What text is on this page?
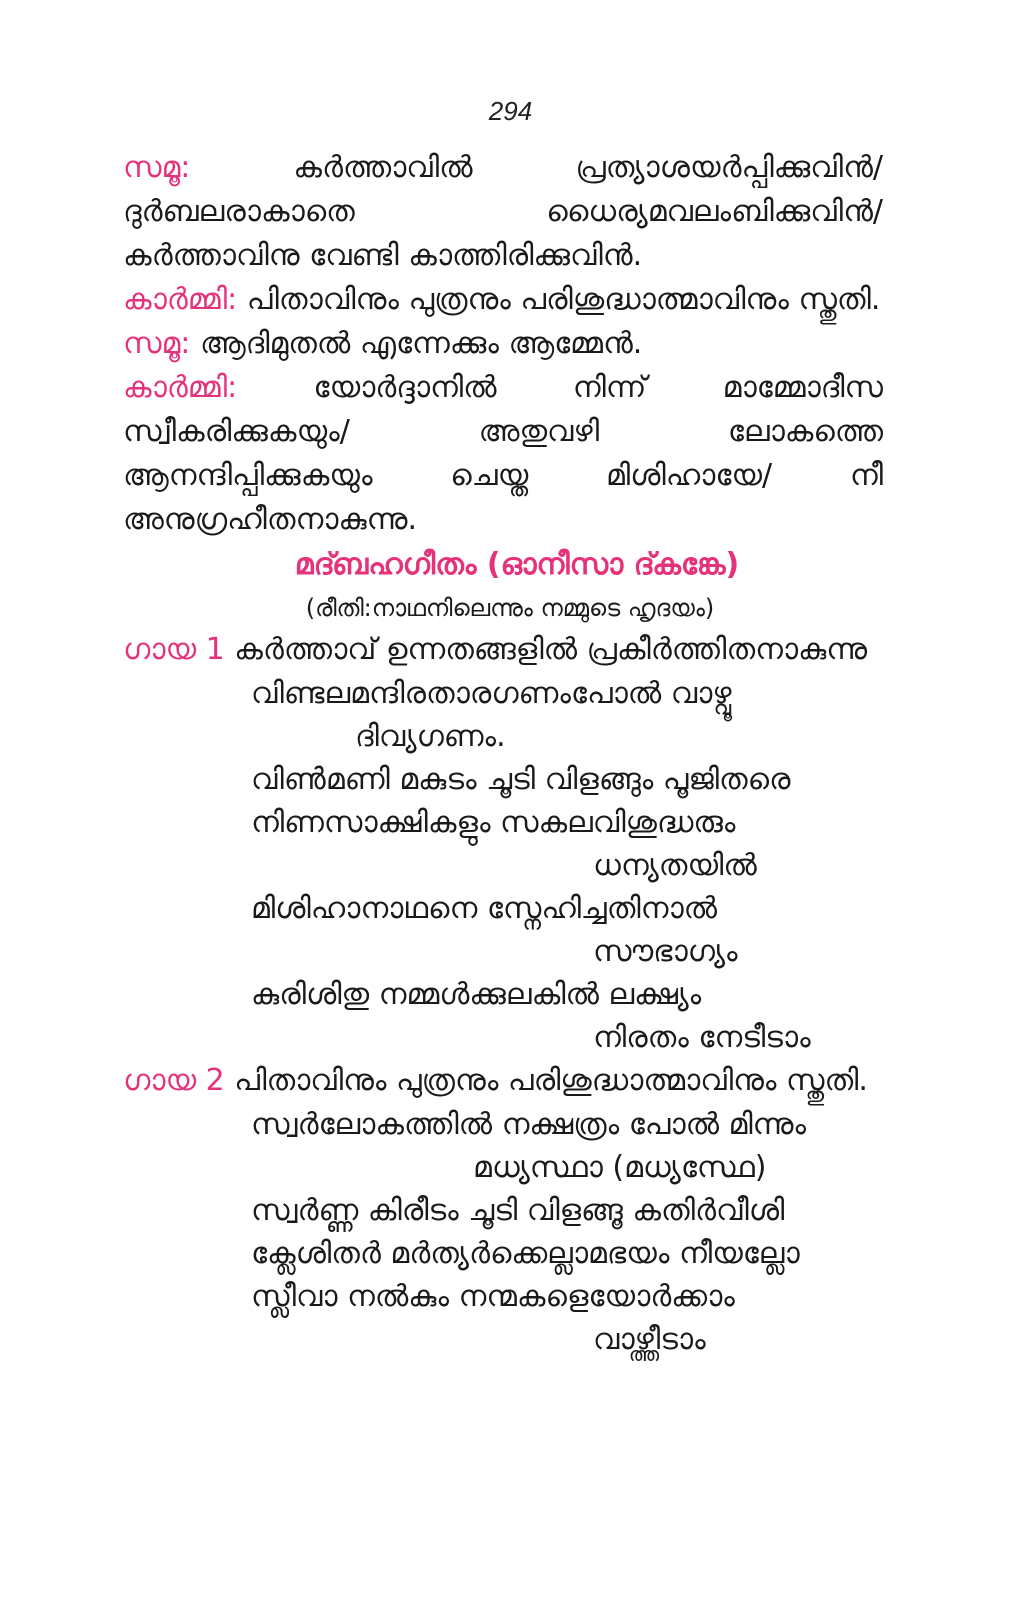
294

സമൂ: കർത്താവിൽ പ്രത്യാശയർപ്പിക്കുവിൻ/ ദുർബലരാകാതെ ധൈര്യമവലംബിക്കുവിൻ/ കർത്താവിനു വേണ്ടി കാത്തിരിക്കുവിൻ.

കാർമ്മി: പിതാവിനും പുത്രനും പരിശുദ്ധാത്മാവിനും സ്തുതി.

സമൂ: ആദിമുതൽ എന്നേക്കും ആമ്മേൻ.

കാർമ്മി: യോർദ്ദാനിൽ നിന്ന് മാമ്മോദീസ സ്വീകരിക്കുകയും/ അതുവഴി ലോകത്തെ ആനന്ദിപ്പിക്കുകയും ചെയ്ത മിശിഹായേ/ നീ അനുഗ്രഹീതനാകുന്നു.

മദ്ബഹഗീതം (ഓനീസാ ദ്കങ്കേ)

(രീതി:നാഥനിലെന്നും നമ്മുടെ ഹൃദയം)

ഗായ 1 കർത്താവ് ഉന്നതങ്ങളിൽ പ്രകീർത്തിതനാകുന്നു

വിണ്ടലമന്ദിരതാരഗണംപോൽ വാഴ്വൂ
ദിവ്യഗണം.
വിൺമണി മകുടം ചൂടി വിളങ്ങും പൂജിതരെ
നിണസാക്ഷികളും സകലവിശുദ്ധരും
ധന്യതയിൽ
മിശിഹാനാഥനെ സ്നേഹിച്ചതിനാൽ
സൗഭാഗ്യം
കുരിശിതു നമ്മൾക്കുലകിൽ ലക്ഷ്യം
നിരതം നേടീടാം

ഗായ 2 പിതാവിനും പുത്രനും പരിശുദ്ധാത്മാവിനും സ്തുതി.

സ്വർലോകത്തിൽ നക്ഷത്രം പോൽ മിന്നും
മധ്യസ്ഥാ (മധ്യസ്ഥേ)
സ്വർണ്ണ കിരീടം ചൂടി വിളങ്ങൂ കതിർവീശി
ക്ലേശിതർ മർത്യർക്കെല്ലാമഭയം നീയല്ലോ
സ്ലീവാ നൽകും നന്മകളെയോർക്കാം
വാഴ്ത്തീടാം
